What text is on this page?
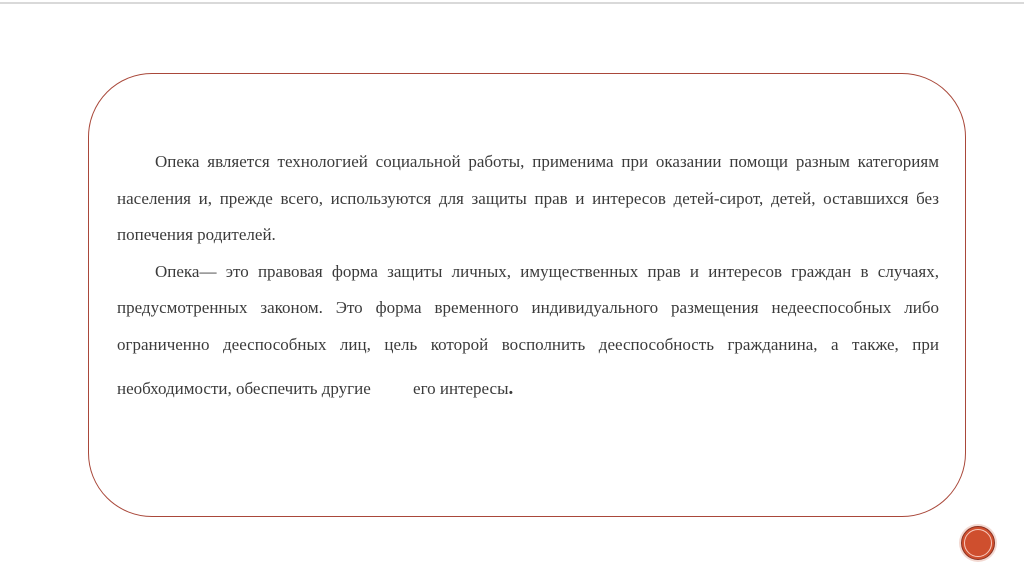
Опека является технологией социальной работы, применима при оказании помощи разным категориям населения и, прежде всего, используются для защиты прав и интересов детей-сирот, детей, оставшихся без попечения родителей.

Опека— это правовая форма защиты личных, имущественных прав и интересов граждан в случаях, предусмотренных законом. Это форма временного индивидуального размещения недееспособных либо ограниченно дееспособных лиц, цель которой восполнить дееспособность гражданина, а также, при необходимости, обеспечить другие его интересы.
